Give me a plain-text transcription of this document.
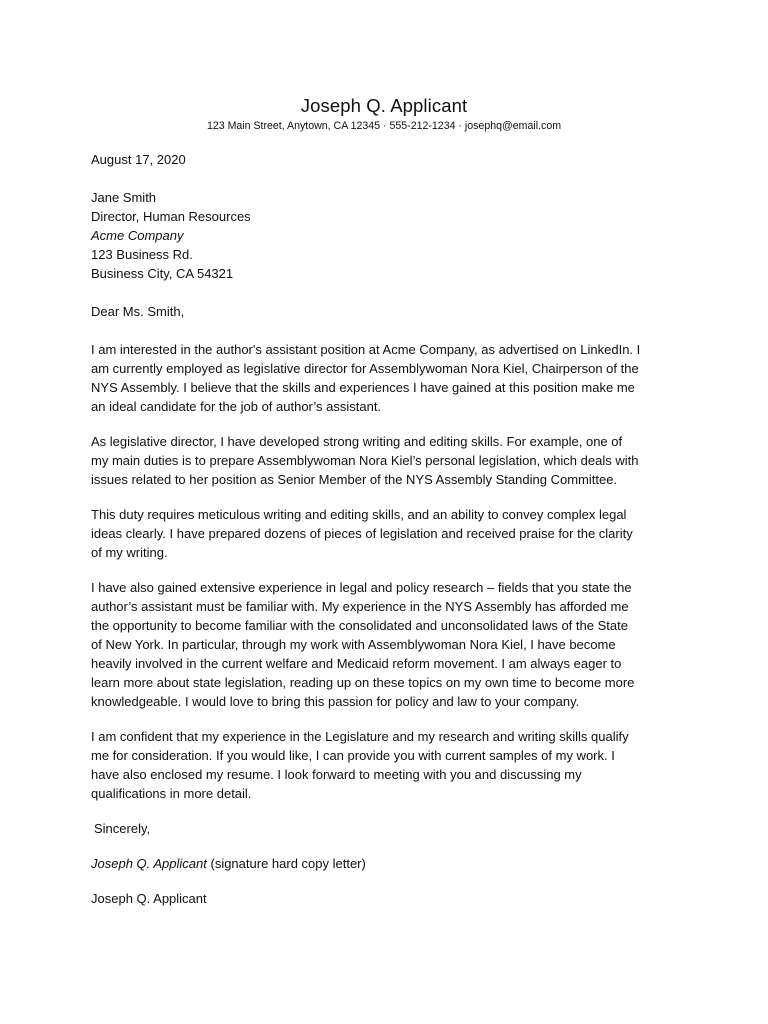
Joseph Q. Applicant
123 Main Street, Anytown, CA 12345 · 555-212-1234 · josephq@email.com
August 17, 2020
Jane Smith
Director, Human Resources
Acme Company
123 Business Rd.
Business City, CA 54321
Dear Ms. Smith,
I am interested in the author's assistant position at Acme Company, as advertised on LinkedIn. I
am currently employed as legislative director for Assemblywoman Nora Kiel, Chairperson of the
NYS Assembly. I believe that the skills and experiences I have gained at this position make me
an ideal candidate for the job of author’s assistant.
As legislative director, I have developed strong writing and editing skills. For example, one of
my main duties is to prepare Assemblywoman Nora Kiel’s personal legislation, which deals with
issues related to her position as Senior Member of the NYS Assembly Standing Committee.
This duty requires meticulous writing and editing skills, and an ability to convey complex legal
ideas clearly. I have prepared dozens of pieces of legislation and received praise for the clarity
of my writing.
I have also gained extensive experience in legal and policy research – fields that you state the
author’s assistant must be familiar with. My experience in the NYS Assembly has afforded me
the opportunity to become familiar with the consolidated and unconsolidated laws of the State
of New York. In particular, through my work with Assemblywoman Nora Kiel, I have become
heavily involved in the current welfare and Medicaid reform movement. I am always eager to
learn more about state legislation, reading up on these topics on my own time to become more
knowledgeable. I would love to bring this passion for policy and law to your company.
I am confident that my experience in the Legislature and my research and writing skills qualify
me for consideration. If you would like, I can provide you with current samples of my work. I
have also enclosed my resume. I look forward to meeting with you and discussing my
qualifications in more detail.
Sincerely,
Joseph Q. Applicant (signature hard copy letter)
Joseph Q. Applicant
